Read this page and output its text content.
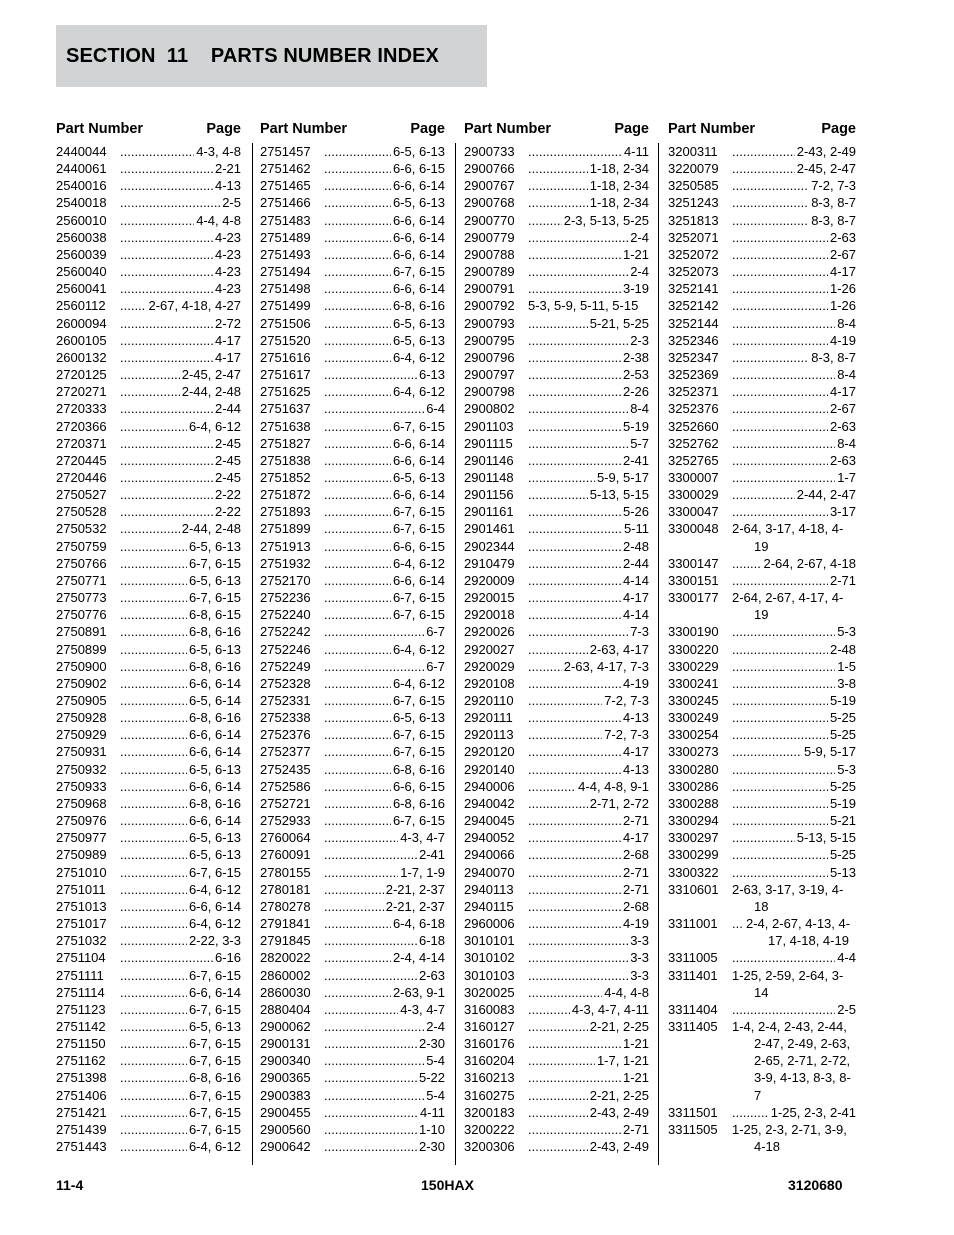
SECTION  11    PARTS NUMBER INDEX
Part Number	Page
2440044 .....	4-3, 4-8
2440061 .....	2-21
2540016 .....	4-13
2540018 .....	2-5
2560010 .....	4-4, 4-8
2560038 .....	4-23
2560039 .....	4-23
2560040 .....	4-23
2560041 .....	4-23
2560112 .....	2-67, 4-18, 4-27
2600094 .....	2-72
2600105 .....	4-17
2600132 .....	4-17
2720125 .....	2-45, 2-47
2720271 .....	2-44, 2-48
2720333 .....	2-44
2720366 .....	6-4, 6-12
2720371 .....	2-45
2720445 .....	2-45
2720446 .....	2-45
2750527 .....	2-22
2750528 .....	2-22
2750532 .....	2-44, 2-48
2750759 .....	6-5, 6-13
2750766 .....	6-7, 6-15
2750771 .....	6-5, 6-13
2750773 .....	6-7, 6-15
2750776 .....	6-8, 6-15
2750891 .....	6-8, 6-16
2750899 .....	6-5, 6-13
2750900 .....	6-8, 6-16
2750902 .....	6-6, 6-14
2750905 .....	6-5, 6-14
2750928 .....	6-8, 6-16
2750929 .....	6-6, 6-14
2750931 .....	6-6, 6-14
2750932 .....	6-5, 6-13
2750933 .....	6-6, 6-14
2750968 .....	6-8, 6-16
2750976 .....	6-6, 6-14
2750977 .....	6-5, 6-13
2750989 .....	6-5, 6-13
2751010 .....	6-7, 6-15
2751011 .....	6-4, 6-12
2751013 .....	6-6, 6-14
2751017 .....	6-4, 6-12
2751032 .....	2-22, 3-3
2751104 .....	6-16
2751111 .....	6-7, 6-15
2751114 .....	6-6, 6-14
2751123 .....	6-7, 6-15
2751142 .....	6-5, 6-13
2751150 .....	6-7, 6-15
2751162 .....	6-7, 6-15
2751398 .....	6-8, 6-16
2751406 .....	6-7, 6-15
2751421 .....	6-7, 6-15
2751439 .....	6-7, 6-15
2751443 .....	6-4, 6-12
Part Number	Page
2751457 .....	6-5, 6-13
2751462 .....	6-6, 6-15
2751465 .....	6-6, 6-14
2751466 .....	6-5, 6-13
2751483 .....	6-6, 6-14
2751489 .....	6-6, 6-14
2751493 .....	6-6, 6-14
2751494 .....	6-7, 6-15
2751498 .....	6-6, 6-14
2751499 .....	6-8, 6-16
2751506 .....	6-5, 6-13
2751520 .....	6-5, 6-13
2751616 .....	6-4, 6-12
2751617 .....	6-13
2751625 .....	6-4, 6-12
2751637 .....	6-4
2751638 .....	6-7, 6-15
2751827 .....	6-6, 6-14
2751838 .....	6-6, 6-14
2751852 .....	6-5, 6-13
2751872 .....	6-6, 6-14
2751893 .....	6-7, 6-15
2751899 .....	6-7, 6-15
2751913 .....	6-6, 6-15
2751932 .....	6-4, 6-12
2752170 .....	6-6, 6-14
2752236 .....	6-7, 6-15
2752240 .....	6-7, 6-15
2752242 .....	6-7
2752246 .....	6-4, 6-12
2752249 .....	6-7
2752328 .....	6-4, 6-12
2752331 .....	6-7, 6-15
2752338 .....	6-5, 6-13
2752376 .....	6-7, 6-15
2752377 .....	6-7, 6-15
2752435 .....	6-8, 6-16
2752586 .....	6-6, 6-15
2752721 .....	6-8, 6-16
2752933 .....	6-7, 6-15
2760064 .....	4-3, 4-7
2760091 .....	2-41
2780155 .....	1-7, 1-9
2780181 .....	2-21, 2-37
2780278 .....	2-21, 2-37
2791841 .....	6-4, 6-18
2791845 .....	6-18
2820022 .....	2-4, 4-14
2860002 .....	2-63
2860030 .....	2-63, 9-1
2880404 .....	4-3, 4-7
2900062 .....	2-4
2900131 .....	2-30
2900340 .....	5-4
2900365 .....	5-22
2900383 .....	5-4
2900455 .....	4-11
2900560 .....	1-10
2900642 .....	2-30
Part Number	Page
2900733 .....	4-11
2900766 .....	1-18, 2-34
2900767 .....	1-18, 2-34
2900768 .....	1-18, 2-34
2900770 .....	2-3, 5-13, 5-25
2900779 .....	2-4
2900788 .....	1-21
2900789 .....	2-4
2900791 .....	3-19
2900792	5-3, 5-9, 5-11, 5-15
2900793 .....	5-21, 5-25
2900795 .....	2-3
2900796 .....	2-38
2900797 .....	2-53
2900798 .....	2-26
2900802 .....	8-4
2901103 .....	5-19
2901115 .....	5-7
2901146 .....	2-41
2901148 .....	5-9, 5-17
2901156 .....	5-13, 5-15
2901161 .....	5-26
2901461 .....	5-11
2902344 .....	2-48
2910479 .....	2-44
2920009 .....	4-14
2920015 .....	4-17
2920018 .....	4-14
2920026 .....	7-3
2920027 .....	2-63, 4-17
2920029 .....	2-63, 4-17, 7-3
2920108 .....	4-19
2920110 .....	7-2, 7-3
2920111 .....	4-13
2920113 .....	7-2, 7-3
2920120 .....	4-17
2920140 .....	4-13
2940006 .....	4-4, 4-8, 9-1
2940042 .....	2-71, 2-72
2940045 .....	2-71
2940052 .....	4-17
2940066 .....	2-68
2940070 .....	2-71
2940113 .....	2-71
2940115 .....	2-68
2960006 .....	4-19
3010101 .....	3-3
3010102 .....	3-3
3010103 .....	3-3
3020025 .....	4-4, 4-8
3160083 .....	4-3, 4-7, 4-11
3160127 .....	2-21, 2-25
3160176 .....	1-21
3160204 .....	1-7, 1-21
3160213 .....	1-21
3160275 .....	2-21, 2-25
3200183 .....	2-43, 2-49
3200222 .....	2-71
3200306 .....	2-43, 2-49
Part Number	Page
3200311 .....	2-43, 2-49
3220079 .....	2-45, 2-47
3250585 .....	7-2, 7-3
3251243 .....	8-3, 8-7
3251813 .....	8-3, 8-7
3252071 .....	2-63
3252072 .....	2-67
3252073 .....	4-17
3252141 .....	1-26
3252142 .....	1-26
3252144 .....	8-4
3252346 .....	4-19
3252347 .....	8-3, 8-7
3252369 .....	8-4
3252371 .....	4-17
3252376 .....	2-67
3252660 .....	2-63
3252762 .....	8-4
3252765 .....	2-63
3300007 .....	1-7
3300029 .....	2-44, 2-47
3300047 .....	3-17
3300048	2-64, 3-17, 4-18, 4-19
3300147 .....	2-64, 2-67, 4-18
3300151 .....	2-71
3300177	2-64, 2-67, 4-17, 4-19
3300190 .....	5-3
3300220 .....	2-48
3300229 .....	1-5
3300241 .....	3-8
3300245 .....	5-19
3300249 .....	5-25
3300254 .....	5-25
3300273 .....	5-9, 5-17
3300280 .....	5-3
3300286 .....	5-25
3300288 .....	5-19
3300294 .....	5-21
3300297 .....	5-13, 5-15
3300299 .....	5-25
3300322 .....	5-13
3310601	2-63, 3-17, 3-19, 4-18
3311001 .....	2-4, 2-67, 4-13, 4-17, 4-18, 4-19
3311005 .....	4-4
3311401	1-25, 2-59, 2-64, 3-14
3311404 .....	2-5
3311405	1-4, 2-4, 2-43, 2-44, 2-47, 2-49, 2-63, 2-65, 2-71, 2-72, 3-9, 4-13, 8-3, 8-7
3311501 .....	1-25, 2-3, 2-41
3311505	1-25, 2-3, 2-71, 3-9, 4-18
11-4	150HAX	3120680
